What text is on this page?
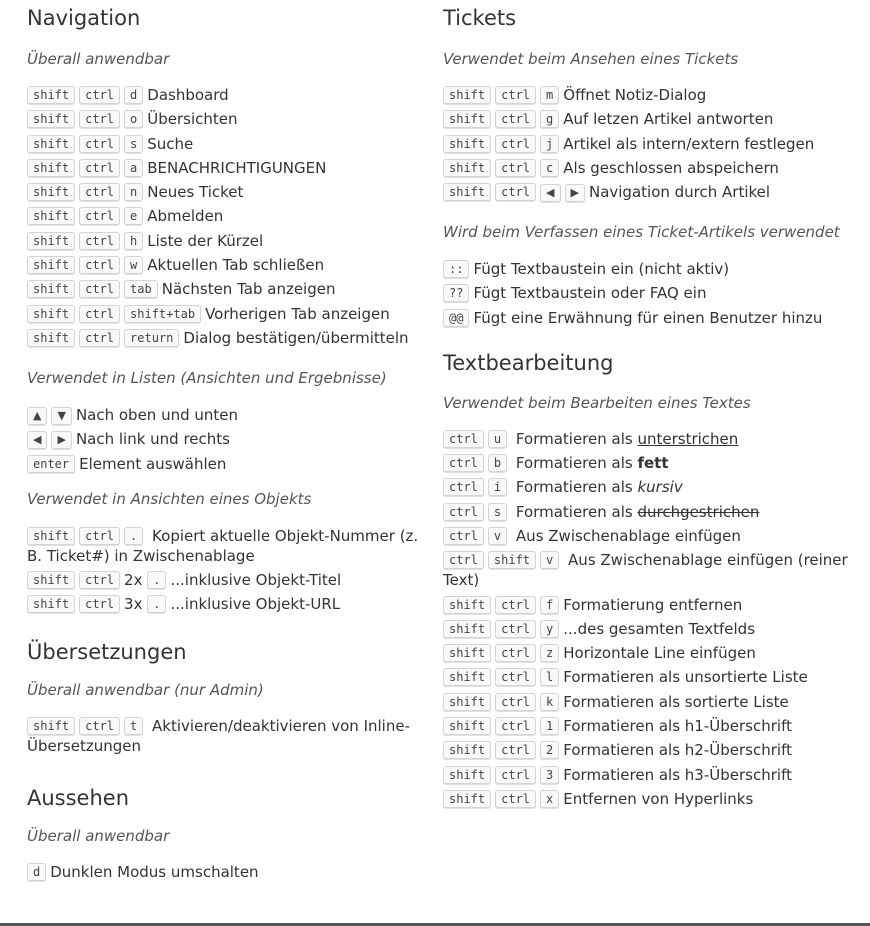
Navigation

Überall anwendbar

shift ctrl d Dashboard
shift ctrl o Übersichten
shift ctrl s Suche
shift ctrl a BENACHRICHTIGUNGEN
shift ctrl n Neues Ticket
shift ctrl e Abmelden
shift ctrl h Liste der Kürzel
shift ctrl w Aktuellen Tab schließen
shift ctrl tab Nächsten Tab anzeigen
shift ctrl shift+tab Vorherigen Tab anzeigen
shift ctrl return Dialog bestätigen/übermitteln

Verwendet in Listen (Ansichten und Ergebnisse)

▲ ▼ Nach oben und unten
◀ ▶ Nach link und rechts
enter Element auswählen

Verwendet in Ansichten eines Objekts

shift ctrl . Kopiert aktuelle Objekt-Nummer (z. B. Ticket#) in Zwischenablage
shift ctrl 2x . ...inklusive Objekt-Titel
shift ctrl 3x . ...inklusive Objekt-URL
Übersetzungen

Überall anwendbar (nur Admin)

shift ctrl t Aktivieren/deaktivieren von Inline-Übersetzungen
Aussehen

Überall anwendbar

d Dunklen Modus umschalten
Tickets

Verwendet beim Ansehen eines Tickets

shift ctrl m Öffnet Notiz-Dialog
shift ctrl g Auf letzen Artikel antworten
shift ctrl j Artikel als intern/extern festlegen
shift ctrl c Als geschlossen abspeichern
shift ctrl ◀ ▶ Navigation durch Artikel

Wird beim Verfassen eines Ticket-Artikels verwendet

:: Fügt Textbaustein ein (nicht aktiv)
?? Fügt Textbaustein oder FAQ ein
@@ Fügt eine Erwähnung für einen Benutzer hinzu
Textbearbeitung

Verwendet beim Bearbeiten eines Textes

ctrl u Formatieren als unterstrichen
ctrl b Formatieren als fett
ctrl i Formatieren als kursiv
ctrl s Formatieren als durchgestrichen
ctrl v Aus Zwischenablage einfügen
ctrl shift v Aus Zwischenablage einfügen (reiner Text)
shift ctrl f Formatierung entfernen
shift ctrl y ...des gesamten Textfelds
shift ctrl z Horizontale Line einfügen
shift ctrl l Formatieren als unsortierte Liste
shift ctrl k Formatieren als sortierte Liste
shift ctrl 1 Formatieren als h1-Überschrift
shift ctrl 2 Formatieren als h2-Überschrift
shift ctrl 3 Formatieren als h3-Überschrift
shift ctrl x Entfernen von Hyperlinks
